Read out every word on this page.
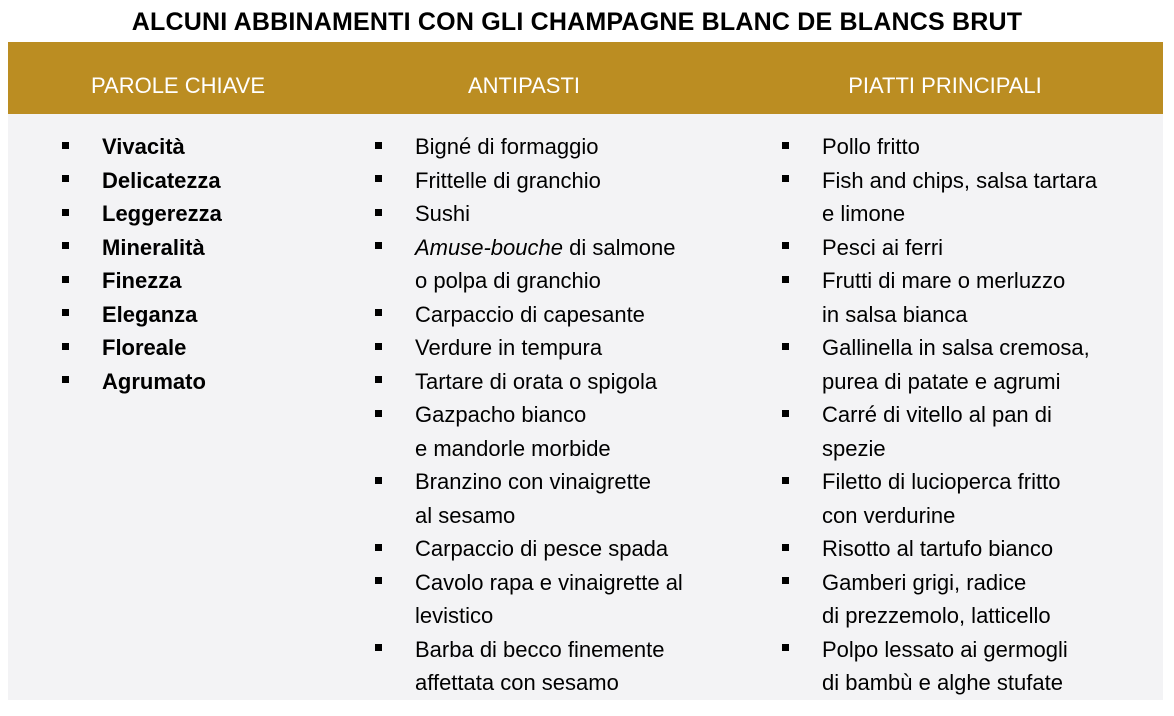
ALCUNI ABBINAMENTI CON GLI CHAMPAGNE BLANC DE BLANCS BRUT
PAROLE CHIAVE	ANTIPASTI	PIATTI PRINCIPALI
Vivacità
Delicatezza
Leggerezza
Mineralità
Finezza
Eleganza
Floreale
Agrumato
Bigné di formaggio
Frittelle di granchio
Sushi
Amuse-bouche di salmone
o polpa di granchio
Carpaccio di capesante
Verdure in tempura
Tartare di orata o spigola
Gazpacho bianco
e mandorle morbide
Branzino con vinaigrette
al sesamo
Carpaccio di pesce spada
Cavolo rapa e vinaigrette al
levistico
Barba di becco finemente
affettata con sesamo
Pollo fritto
Fish and chips, salsa tartara
e limone
Pesci ai ferri
Frutti di mare o merluzzo
in salsa bianca
Gallinella in salsa cremosa,
purea di patate e agrumi
Carré di vitello al pan di
spezie
Filetto di lucioperca fritto
con verdurine
Risotto al tartufo bianco
Gamberi grigi, radice
di prezzemolo, latticello
Polpo lessato ai germogli
di bambù e alghe stufate
